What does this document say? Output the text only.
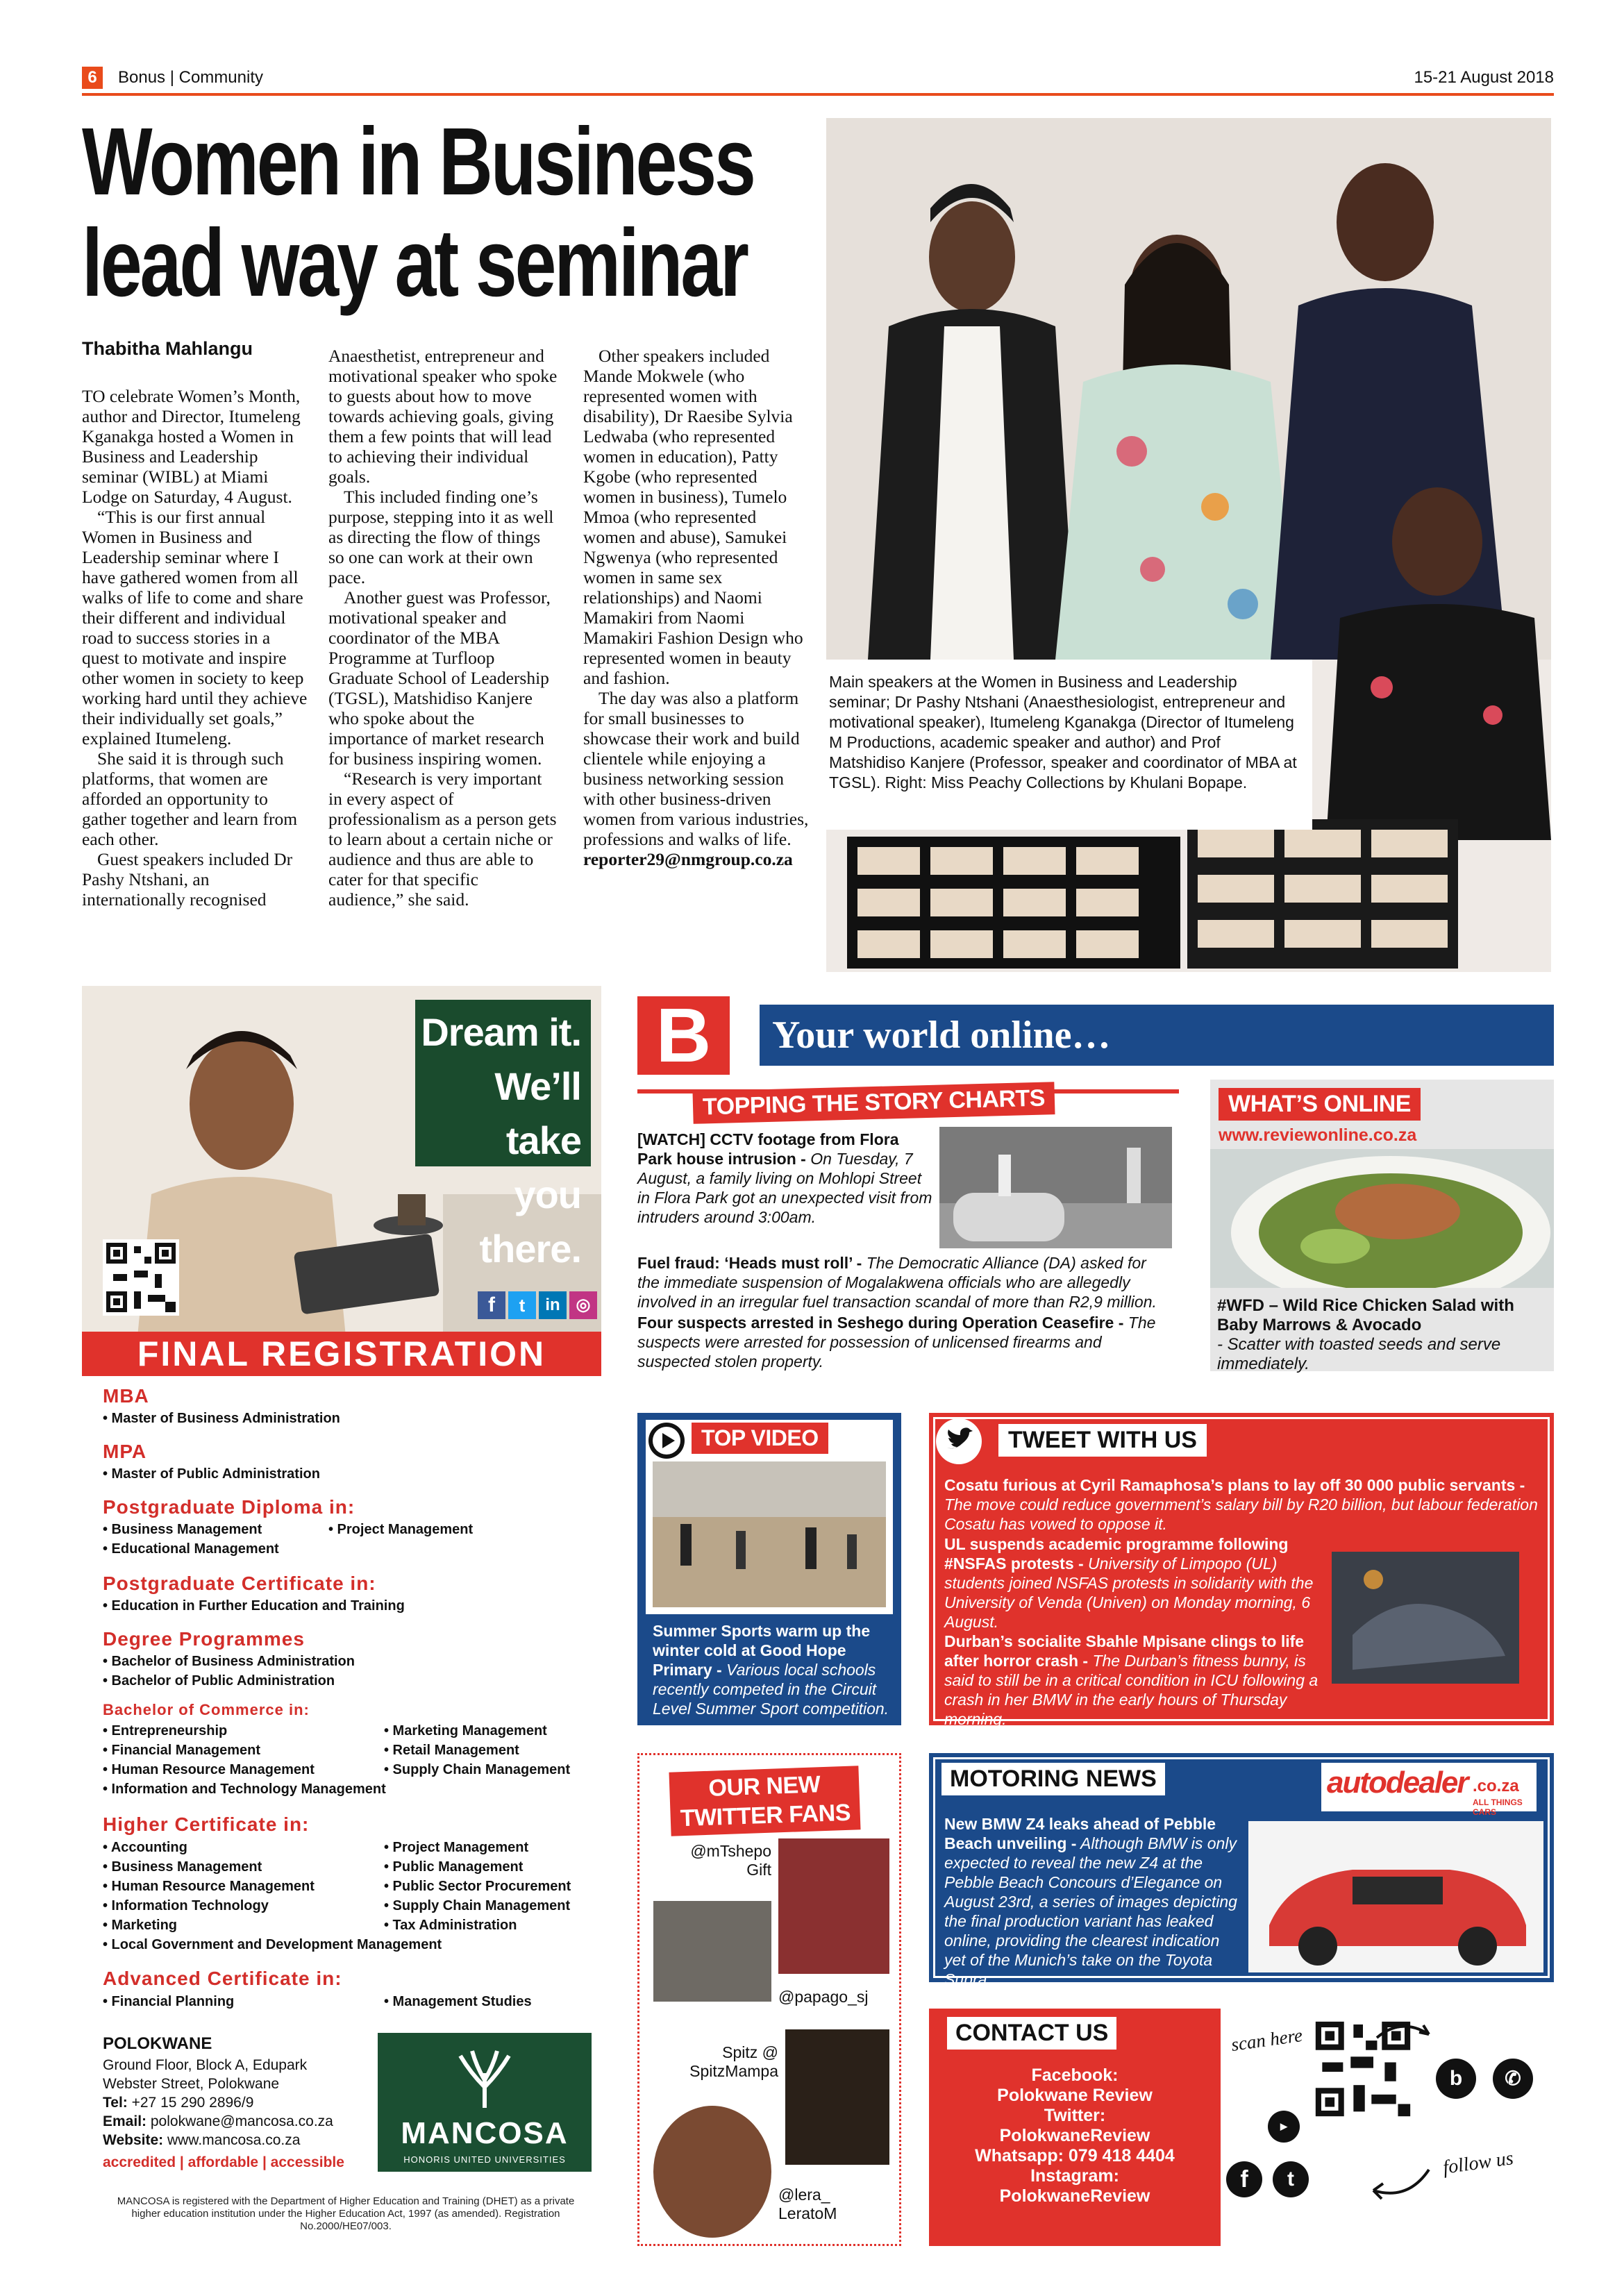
6	Bonus | Community	15-21 August 2018
Women in Business
lead way at seminar
Thabitha Mahlangu

TO celebrate Women’s Month, author and Director, Itumeleng Kganakga hosted a Women in Business and Leadership seminar (WIBL) at Miami Lodge on Saturday, 4 August.

“This is our first annual Women in Business and Leadership seminar where I have gathered women from all walks of life to come and share their different and individual road to success stories in a quest to motivate and inspire other women in society to keep working hard until they achieve their individually set goals,” explained Itumeleng.

She said it is through such platforms, that women are afforded an opportunity to gather together and learn from each other.

Guest speakers included Dr Pashy Ntshani, an internationally recognised

Anaesthetist, entrepreneur and motivational speaker who spoke to guests about how to move towards achieving goals, giving them a few points that will lead to achieving their individual goals.

This included finding one’s purpose, stepping into it as well as directing the flow of things so one can work at their own pace.

Another guest was Professor, motivational speaker and coordinator of the MBA Programme at Turfloop Graduate School of Leadership (TGSL), Matshidiso Kanjere who spoke about the importance of market research for business inspiring women.

“Research is very important in every aspect of professionalism as a person gets to learn about a certain niche or audience and thus are able to cater for that specific audience,” she said.

Other speakers included Mande Mokwele (who represented women with disability), Dr Raesibe Sylvia Ledwaba (who represented women in education), Patty Kgobe (who represented women in business), Tumelo Mmoa (who represented women and abuse), Samukei Ngwenya (who represented women in same sex relationships) and Naomi Mamakiri from Naomi Mamakiri Fashion Design who represented women in beauty and fashion.

The day was also a platform for small businesses to showcase their work and build clientele while enjoying a business networking session with other business-driven women from various industries, professions and walks of life.

reporter29@nmgroup.co.za

Main speakers at the Women in Business and Leadership seminar; Dr Pashy Ntshani (Anaesthesiologist, entrepreneur and motivational speaker), Itumeleng Kganakga (Director of Itumeleng M Productions, academic speaker and author) and Prof Matshidiso Kanjere (Professor, speaker and coordinator of MBA at TGSL). Right: Miss Peachy Collections by Khulani Bopape.
Dream it.
We’ll take
you there.
f	t	in ◎
FINAL REGISTRATION
MBA
• Master of Business Administration
MPA
• Master of Public Administration
Postgraduate Diploma in:
• Business Management	• Project Management
• Educational Management
Postgraduate Certificate in:
• Education in Further Education and Training
Degree Programmes
• Bachelor of Business Administration
• Bachelor of Public Administration
Bachelor of Commerce in:
• Entrepreneurship	• Marketing Management
• Financial Management	• Retail Management
• Human Resource Management	• Supply Chain Management
• Information and Technology Management
Higher Certificate in:
• Accounting	• Project Management
• Business Management	• Public Management
• Human Resource Management	• Public Sector Procurement
• Information Technology	• Supply Chain Management
• Marketing	• Tax Administration
• Local Government and Development Management
Advanced Certificate in:
• Financial Planning	• Management Studies
POLOKWANE
Ground Floor, Block A, Edupark
Webster Street, Polokwane
Tel: +27 15 290 2896/9
Email: polokwane@mancosa.co.za
Website: www.mancosa.co.za
accredited | affordable | accessible
MANCOSA
HONORIS UNITED UNIVERSITIES
MANCOSA is registered with the Department of Higher Education and Training (DHET) as a private higher education institution under the Higher Education Act, 1997 (as amended). Registration No.2000/HE07/003.
B	Your world online…
TOPPING THE STORY CHARTS
[WATCH] CCTV footage from Flora Park house intrusion - On Tuesday, 7 August, a family living on Mohlopi Street in Flora Park got an unexpected visit from intruders around 3:00am.
Fuel fraud: ‘Heads must roll’ - The Democratic Alliance (DA) asked for the immediate suspension of Mogalakwena officials who are allegedly involved in an irregular fuel transaction scandal of more than R2,9 million.
Four suspects arrested in Seshego during Operation Ceasefire - The suspects were arrested for possession of unlicensed firearms and suspected stolen property.
WHAT’S ONLINE
www.reviewonline.co.za
#WFD – Wild Rice Chicken Salad with Baby Marrows & Avocado
- Scatter with toasted seeds and serve immediately.
TOP VIDEO
Summer Sports warm up the winter cold at Good Hope Primary - Various local schools recently competed in the Circuit Level Summer Sport competition.
TWEET WITH US
Cosatu furious at Cyril Ramaphosa’s plans to lay off 30 000 public servants - The move could reduce government’s salary bill by R20 billion, but labour federation Cosatu has vowed to oppose it.
UL suspends academic programme following #NSFAS protests - University of Limpopo (UL) students joined NSFAS protests in solidarity with the University of Venda (Univen) on Monday morning, 6 August.
Durban’s socialite Sbahle Mpisane clings to life after horror crash - The Durban’s fitness bunny, is said to still be in a critical condition in ICU following a crash in her BMW in the early hours of Thursday morning.
OUR NEW
TWITTER FANS
@mTshepo Gift
@papago_sj
Spitz @ SpitzMampa
@lera_ LeratoM
MOTORING NEWS	autodealer .co.za
ALL THINGS CARS
New BMW Z4 leaks ahead of Pebble Beach unveiling - Although BMW is only expected to reveal the new Z4 at the Pebble Beach Concours d’Elegance on August 23rd, a series of images depicting the final production variant has leaked online, providing the clearest indication yet of the Munich’s take on the Toyota Supra.
CONTACT US
Facebook:
Polokwane Review
Twitter:
PolokwaneReview
Whatsapp: 079 418 4404
Instagram:
PolokwaneReview
scan here
▶
b	✆
f	t
follow us
